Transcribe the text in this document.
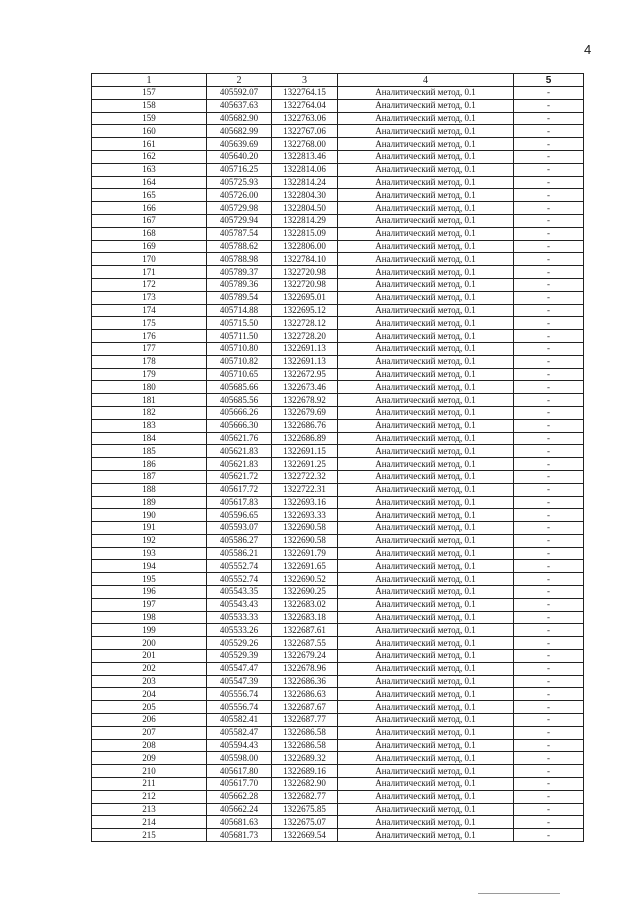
4
1	2	3	4	5
157	405592.07	1322764.15	Аналитический метод, 0.1	-
158	405637.63	1322764.04	Аналитический метод, 0.1	-
159	405682.90	1322763.06	Аналитический метод, 0.1	-
160	405682.99	1322767.06	Аналитический метод, 0.1	-
161	405639.69	1322768.00	Аналитический метод, 0.1	-
162	405640.20	1322813.46	Аналитический метод, 0.1	-
163	405716.25	1322814.06	Аналитический метод, 0.1	-
164	405725.93	1322814.24	Аналитический метод, 0.1	-
165	405726.00	1322804.30	Аналитический метод, 0.1	-
166	405729.98	1322804.50	Аналитический метод, 0.1	-
167	405729.94	1322814.29	Аналитический метод, 0.1	-
168	405787.54	1322815.09	Аналитический метод, 0.1	-
169	405788.62	1322806.00	Аналитический метод, 0.1	-
170	405788.98	1322784.10	Аналитический метод, 0.1	-
171	405789.37	1322720.98	Аналитический метод, 0.1	-
172	405789.36	1322720.98	Аналитический метод, 0.1	-
173	405789.54	1322695.01	Аналитический метод, 0.1	-
174	405714.88	1322695.12	Аналитический метод, 0.1	-
175	405715.50	1322728.12	Аналитический метод, 0.1	-
176	405711.50	1322728.20	Аналитический метод, 0.1	-
177	405710.80	1322691.13	Аналитический метод, 0.1	-
178	405710.82	1322691.13	Аналитический метод, 0.1	-
179	405710.65	1322672.95	Аналитический метод, 0.1	-
180	405685.66	1322673.46	Аналитический метод, 0.1	-
181	405685.56	1322678.92	Аналитический метод, 0.1	-
182	405666.26	1322679.69	Аналитический метод, 0.1	-
183	405666.30	1322686.76	Аналитический метод, 0.1	-
184	405621.76	1322686.89	Аналитический метод, 0.1	-
185	405621.83	1322691.15	Аналитический метод, 0.1	-
186	405621.83	1322691.25	Аналитический метод, 0.1	-
187	405621.72	1322722.32	Аналитический метод, 0.1	-
188	405617.72	1322722.31	Аналитический метод, 0.1	-
189	405617.83	1322693.16	Аналитический метод, 0.1	-
190	405596.65	1322693.33	Аналитический метод, 0.1	-
191	405593.07	1322690.58	Аналитический метод, 0.1	-
192	405586.27	1322690.58	Аналитический метод, 0.1	-
193	405586.21	1322691.79	Аналитический метод, 0.1	-
194	405552.74	1322691.65	Аналитический метод, 0.1	-
195	405552.74	1322690.52	Аналитический метод, 0.1	-
196	405543.35	1322690.25	Аналитический метод, 0.1	-
197	405543.43	1322683.02	Аналитический метод, 0.1	-
198	405533.33	1322683.18	Аналитический метод, 0.1	-
199	405533.26	1322687.61	Аналитический метод, 0.1	-
200	405529.26	1322687.55	Аналитический метод, 0.1	-
201	405529.39	1322679.24	Аналитический метод, 0.1	-
202	405547.47	1322678.96	Аналитический метод, 0.1	-
203	405547.39	1322686.36	Аналитический метод, 0.1	-
204	405556.74	1322686.63	Аналитический метод, 0.1	-
205	405556.74	1322687.67	Аналитический метод, 0.1	-
206	405582.41	1322687.77	Аналитический метод, 0.1	-
207	405582.47	1322686.58	Аналитический метод, 0.1	-
208	405594.43	1322686.58	Аналитический метод, 0.1	-
209	405598.00	1322689.32	Аналитический метод, 0.1	-
210	405617.80	1322689.16	Аналитический метод, 0.1	-
211	405617.70	1322682.90	Аналитический метод, 0.1	-
212	405662.28	1322682.77	Аналитический метод, 0.1	-
213	405662.24	1322675.85	Аналитический метод, 0.1	-
214	405681.63	1322675.07	Аналитический метод, 0.1	-
215	405681.73	1322669.54	Аналитический метод, 0.1	-
